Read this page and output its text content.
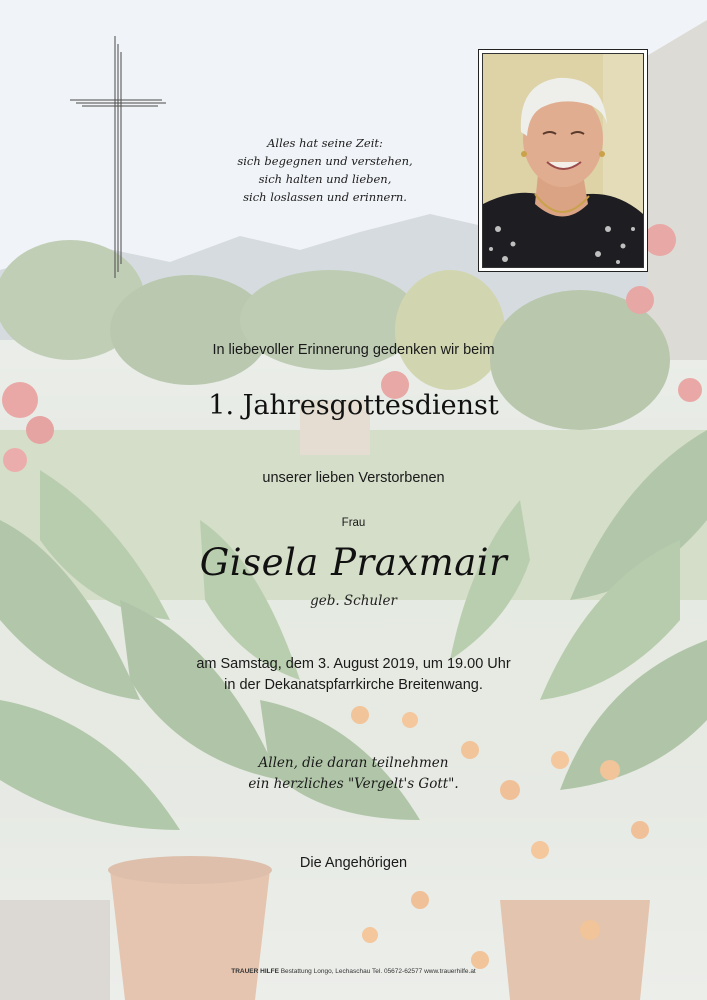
Alles hat seine Zeit:
sich begegnen und verstehen,
sich halten und lieben,
sich loslassen und erinnern.
In liebevoller Erinnerung gedenken wir beim
1. Jahresgottesdienst
unserer lieben Verstorbenen
Frau
Gisela Praxmair
geb. Schuler
am Samstag, dem 3. August 2019, um 19.00 Uhr
in der Dekanatspfarrkirche Breitenwang.
Allen, die daran teilnehmen
ein herzliches "Vergelt's Gott".
Die Angehörigen
TRAUER HILFE Bestattung Longo, Lechaschau Tel. 05672-62577 www.trauerhilfe.at
